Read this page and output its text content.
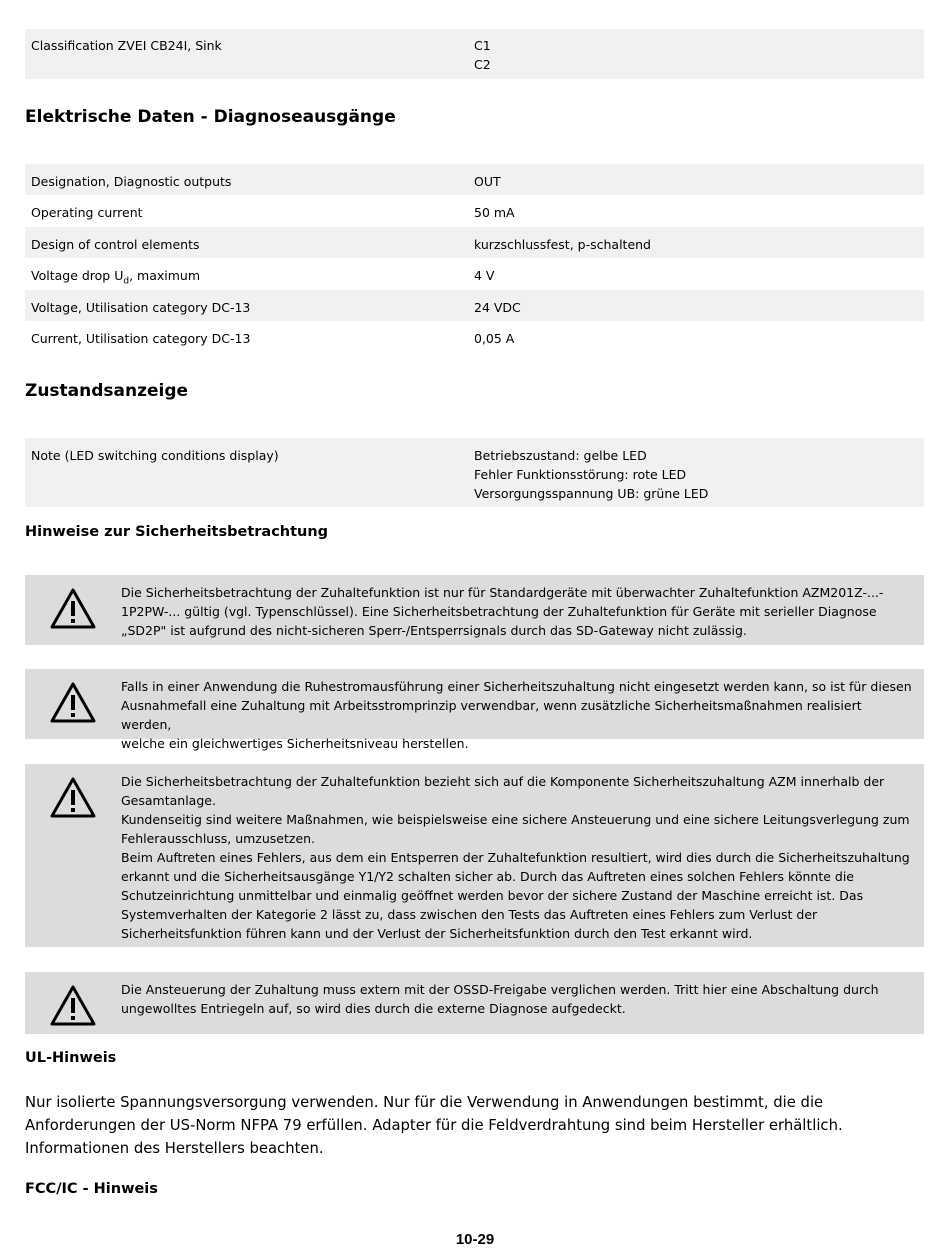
Classification ZVEI CB24I, Sink	C1
C2
Elektrische Daten - Diagnoseausgänge
Designation, Diagnostic outputs	OUT
Operating current	50 mA
Design of control elements	kurzschlussfest, p-schaltend
Voltage drop $U_d$, maximum	4 V
Voltage, Utilisation category DC-13	24 VDC
Current, Utilisation category DC-13	0,05 A
Zustandsanzeige
Note (LED switching conditions display)	Betriebszustand: gelbe LED
Fehler Funktionsstörung: rote LED
Versorgungsspannung UB: grüne LED
Hinweise zur Sicherheitsbetrachtung
Die Sicherheitsbetrachtung der Zuhaltefunktion ist nur für Standardgeräte mit überwachter Zuhaltefunktion AZM201Z-...-
1P2PW-... gültig (vgl. Typenschlüssel). Eine Sicherheitsbetrachtung der Zuhaltefunktion für Geräte mit serieller Diagnose
„SD2P" ist aufgrund des nicht-sicheren Sperr-/Entsperrsignals durch das SD-Gateway nicht zulässig.
Falls in einer Anwendung die Ruhestromausführung einer Sicherheitszuhaltung nicht eingesetzt werden kann, so ist für diesen
Ausnahmefall eine Zuhaltung mit Arbeitsstromprinzip verwendbar, wenn zusätzliche Sicherheitsmaßnahmen realisiert werden,
welche ein gleichwertiges Sicherheitsniveau herstellen.
Die Sicherheitsbetrachtung der Zuhaltefunktion bezieht sich auf die Komponente Sicherheitszuhaltung AZM innerhalb der
Gesamtanlage.
Kundenseitig sind weitere Maßnahmen, wie beispielsweise eine sichere Ansteuerung und eine sichere Leitungsverlegung zum
Fehlerausschluss, umzusetzen.
Beim Auftreten eines Fehlers, aus dem ein Entsperren der Zuhaltefunktion resultiert, wird dies durch die Sicherheitszuhaltung
erkannt und die Sicherheitsausgänge Y1/Y2 schalten sicher ab. Durch das Auftreten eines solchen Fehlers könnte die
Schutzeinrichtung unmittelbar und einmalig geöffnet werden bevor der sichere Zustand der Maschine erreicht ist. Das
Systemverhalten der Kategorie 2 lässt zu, dass zwischen den Tests das Auftreten eines Fehlers zum Verlust der
Sicherheitsfunktion führen kann und der Verlust der Sicherheitsfunktion durch den Test erkannt wird.
Die Ansteuerung der Zuhaltung muss extern mit der OSSD-Freigabe verglichen werden. Tritt hier eine Abschaltung durch
ungewolltes Entriegeln auf, so wird dies durch die externe Diagnose aufgedeckt.
UL-Hinweis
Nur isolierte Spannungsversorgung verwenden. Nur für die Verwendung in Anwendungen bestimmt, die die
Anforderungen der US-Norm NFPA 79 erfüllen. Adapter für die Feldverdrahtung sind beim Hersteller erhältlich.
Informationen des Herstellers beachten.
FCC/IC - Hinweis
10-29
